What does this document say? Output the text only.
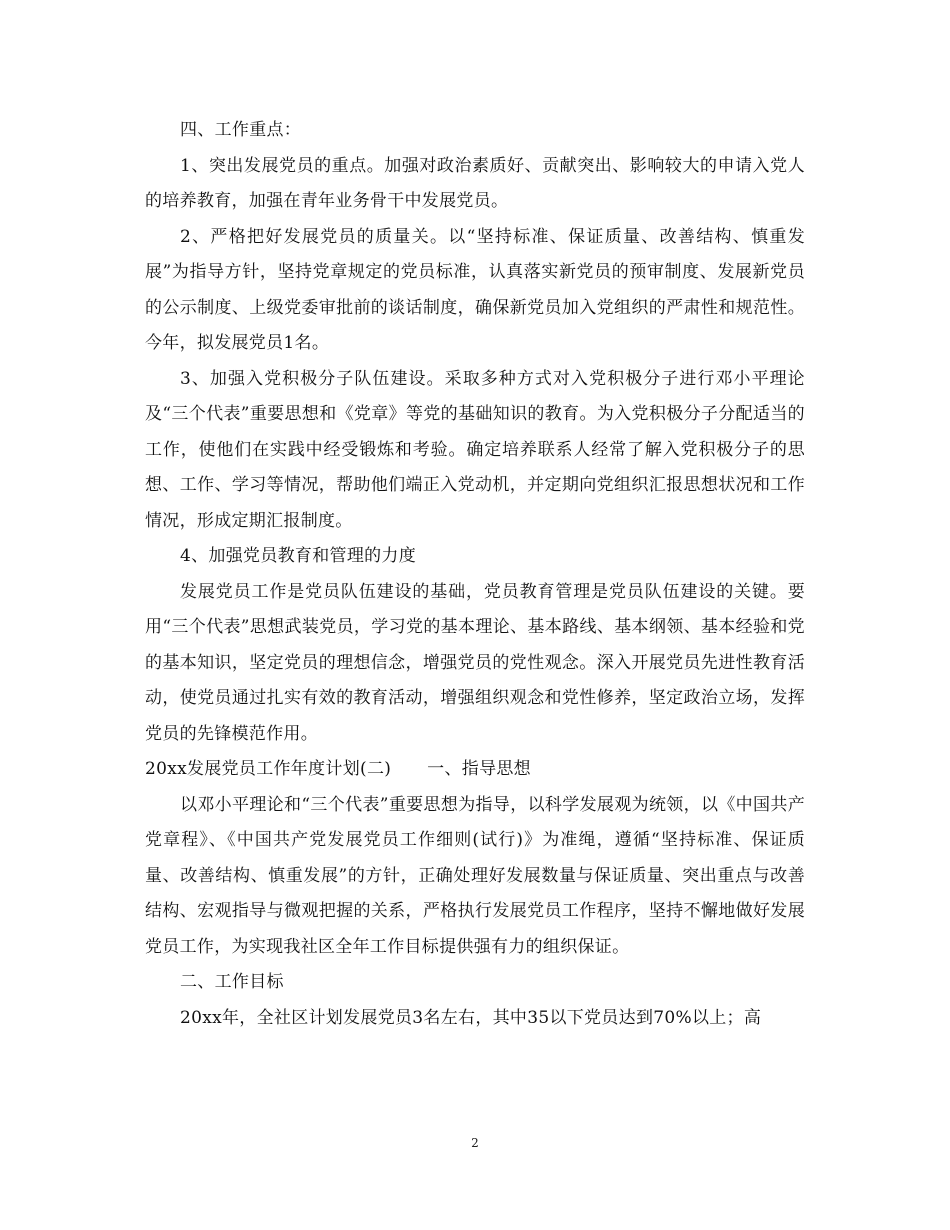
四、工作重点：

1、突出发展党员的重点。加强对政治素质好、贡献突出、影响较大的申请入党人的培养教育，加强在青年业务骨干中发展党员。

2、严格把好发展党员的质量关。以“坚持标准、保证质量、改善结构、慎重发展”为指导方针，坚持党章规定的党员标准，认真落实新党员的预审制度、发展新党员的公示制度、上级党委审批前的谈话制度，确保新党员加入党组织的严肃性和规范性。今年，拟发展党员1名。

3、加强入党积极分子队伍建设。采取多种方式对入党积极分子进行邓小平理论及“三个代表”重要思想和《党章》等党的基础知识的教育。为入党积极分子分配适当的工作，使他们在实践中经受锻炼和考验。确定培养联系人经常了解入党积极分子的思想、工作、学习等情况，帮助他们端正入党动机，并定期向党组织汇报思想状况和工作情况，形成定期汇报制度。

4、加强党员教育和管理的力度

发展党员工作是党员队伍建设的基础，党员教育管理是党员队伍建设的关键。要用“三个代表”思想武装党员，学习党的基本理论、基本路线、基本纲领、基本经验和党的基本知识，坚定党员的理想信念，增强党员的党性观念。深入开展党员先进性教育活动，使党员通过扎实有效的教育活动，增强组织观念和党性修养，坚定政治立场，发挥党员的先锋模范作用。

20xx发展党员工作年度计划(二) 一、指导思想

以邓小平理论和“三个代表”重要思想为指导，以科学发展观为统领，以《中国共产党章程》、《中国共产党发展党员工作细则(试行)》为准绳，遵循“坚持标准、保证质量、改善结构、慎重发展”的方针，正确处理好发展数量与保证质量、突出重点与改善结构、宏观指导与微观把握的关系，严格执行发展党员工作程序，坚持不懈地做好发展党员工作，为实现我社区全年工作目标提供强有力的组织保证。

二、工作目标

20xx年，全社区计划发展党员3名左右，其中35以下党员达到70%以上；高

2
